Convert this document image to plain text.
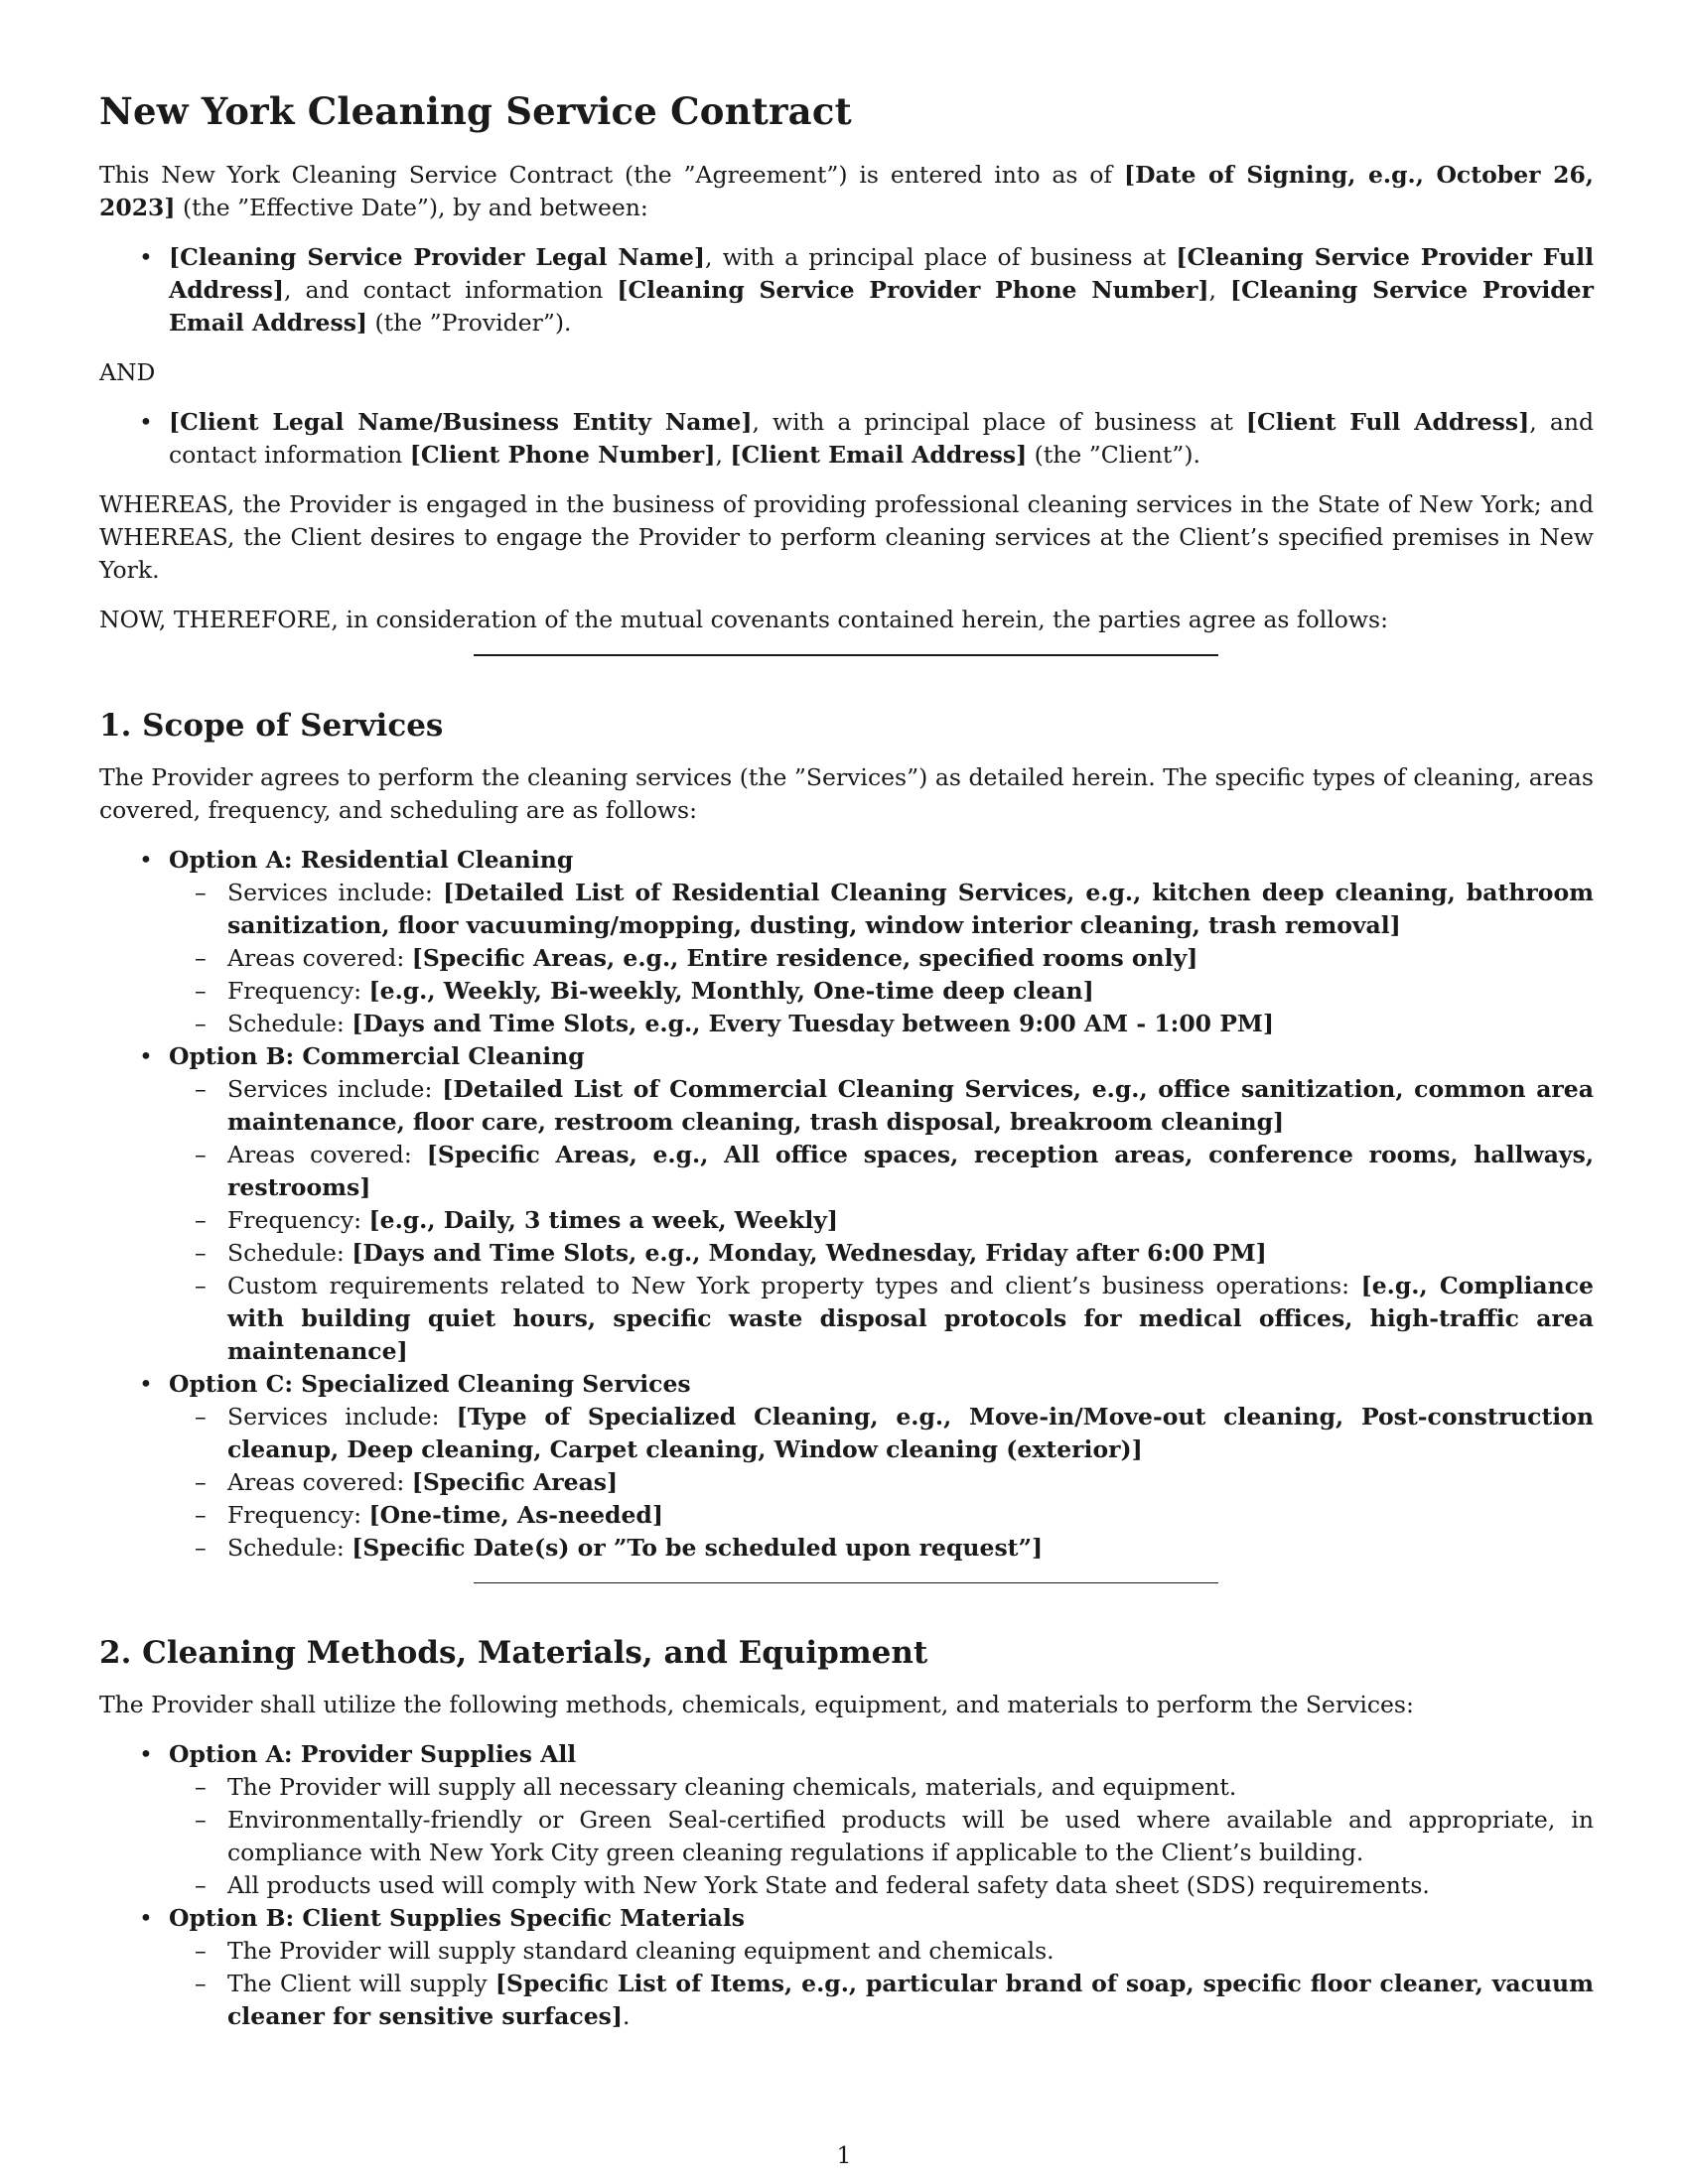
New York Cleaning Service Contract

This New York Cleaning Service Contract (the ”Agreement”) is entered into as of [Date of Signing, e.g., October 26, 2023] (the ”Effective Date”), by and between:

• [Cleaning Service Provider Legal Name], with a principal place of business at [Cleaning Service Provider Full Address], and contact information [Cleaning Service Provider Phone Number], [Cleaning Service Provider Email Address] (the ”Provider”).

AND

• [Client Legal Name/Business Entity Name], with a principal place of business at [Client Full Address], and contact information [Client Phone Number], [Client Email Address] (the ”Client”).

WHEREAS, the Provider is engaged in the business of providing professional cleaning services in the State of New York; and WHEREAS, the Client desires to engage the Provider to perform cleaning services at the Client’s specified premises in New York.

NOW, THEREFORE, in consideration of the mutual covenants contained herein, the parties agree as follows:

1. Scope of Services

The Provider agrees to perform the cleaning services (the ”Services”) as detailed herein. The specific types of cleaning, areas covered, frequency, and scheduling are as follows:

• Option A: Residential Cleaning
– Services include: [Detailed List of Residential Cleaning Services, e.g., kitchen deep cleaning, bathroom sanitization, floor vacuuming/mopping, dusting, window interior cleaning, trash removal]
– Areas covered: [Specific Areas, e.g., Entire residence, specified rooms only]
– Frequency: [e.g., Weekly, Bi-weekly, Monthly, One-time deep clean]
– Schedule: [Days and Time Slots, e.g., Every Tuesday between 9:00 AM - 1:00 PM]
• Option B: Commercial Cleaning
– Services include: [Detailed List of Commercial Cleaning Services, e.g., office sanitization, common area maintenance, floor care, restroom cleaning, trash disposal, breakroom cleaning]
– Areas covered: [Specific Areas, e.g., All office spaces, reception areas, conference rooms, hallways, restrooms]
– Frequency: [e.g., Daily, 3 times a week, Weekly]
– Schedule: [Days and Time Slots, e.g., Monday, Wednesday, Friday after 6:00 PM]
– Custom requirements related to New York property types and client’s business operations: [e.g., Compliance with building quiet hours, specific waste disposal protocols for medical offices, high-traffic area maintenance]
• Option C: Specialized Cleaning Services
– Services include: [Type of Specialized Cleaning, e.g., Move-in/Move-out cleaning, Post-construction cleanup, Deep cleaning, Carpet cleaning, Window cleaning (exterior)]
– Areas covered: [Specific Areas]
– Frequency: [One-time, As-needed]
– Schedule: [Specific Date(s) or ”To be scheduled upon request”]
2. Cleaning Methods, Materials, and Equipment

The Provider shall utilize the following methods, chemicals, equipment, and materials to perform the Services:

• Option A: Provider Supplies All
– The Provider will supply all necessary cleaning chemicals, materials, and equipment.
– Environmentally-friendly or Green Seal-certified products will be used where available and appropriate, in compliance with New York City green cleaning regulations if applicable to the Client’s building.
– All products used will comply with New York State and federal safety data sheet (SDS) requirements.
• Option B: Client Supplies Specific Materials
– The Provider will supply standard cleaning equipment and chemicals.
– The Client will supply [Specific List of Items, e.g., particular brand of soap, specific floor cleaner, vacuum cleaner for sensitive surfaces].
1
